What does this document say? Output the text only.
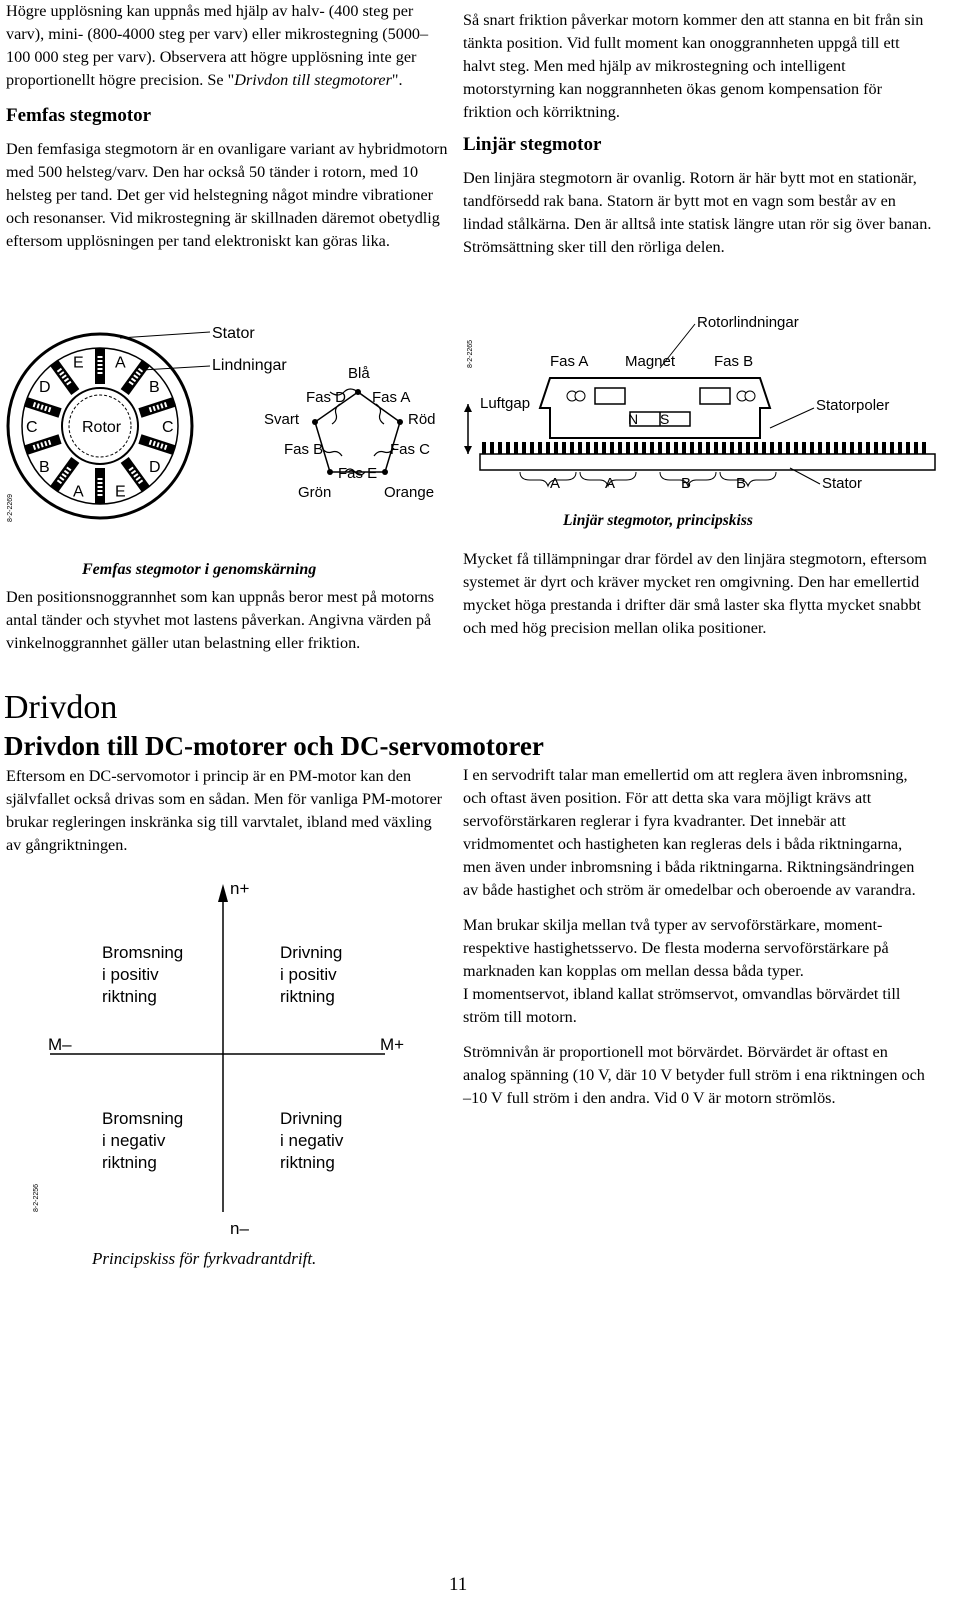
Högre upplösning kan uppnås med hjälp av halv- (400 steg per varv), mini- (800-4000 steg per varv) eller mikrostegning (5000–100 000 steg per varv). Observera att högre upplösning inte ger proportionellt högre precision. Se "Drivdon till stegmotorer".

Femfas stegmotor

Den femfasiga stegmotorn är en ovanligare variant av hybridmotorn med 500 helsteg/varv. Den har också 50 tänder i rotorn, med 10 helsteg per tand. Det ger vid helstegning något mindre vibrationer och resonanser. Vid mikrostegning är skillnaden däremot obetydlig eftersom upplösningen per tand elektroniskt kan göras lika.

Rotor
A
B
C
D
E
A
B
C
D
E
Stator
Lindningar
8-2-2269
Blå
Fas D Fas A
Svart	Röd
Fas B	Fas C
Fas E
Grön	Orange
Femfas stegmotor i genomskärning

Den positionsnoggrannhet som kan uppnås beror mest på motorns antal tänder och styvhet mot lastens påverkan. Angivna värden på vinkelnoggrannhet gäller utan belastning eller friktion.

Så snart friktion påverkar motorn kommer den att stanna en bit från sin tänkta position. Vid fullt moment kan onoggrannheten uppgå till ett halvt steg. Men med hjälp av mikrostegning och intelligent motorstyrning kan noggrannheten ökas genom kompensation för friktion och körriktning.

Linjär stegmotor

Den linjära stegmotorn är ovanlig. Rotorn är här bytt mot en stationär, tandförsedd rak bana. Statorn är bytt mot en vagn som består av en lindad stålkärna. Den är alltså inte statisk längre utan rör sig över banan. Strömsättning sker till den rörliga delen.

Rotorlindningar
Fas A Magnet	Fas B
8-2-2265
N S
Luftgap	Statorpoler
A	A	B	B	Stator
Linjär stegmotor, principskiss

Mycket få tillämpningar drar fördel av den linjära stegmotorn, eftersom systemet är dyrt och kräver mycket ren omgivning. Den har emellertid mycket höga prestanda i drifter där små laster ska flytta mycket snabbt och med hög precision mellan olika positioner.

Drivdon
Drivdon till DC-motorer och DC-servomotorer

Eftersom en DC-servomotor i princip är en PM-motor kan den självfallet också drivas som en sådan. Men för vanliga PM-motorer brukar regleringen inskränka sig till varvtalet, ibland med växling av gångriktningen.

n+
n–
M–	M+
Bromsning
i positiv
riktning
Drivning
i positiv
riktning
Bromsning
i negativ
riktning
Drivning
i negativ
riktning
8-2-2256
Principskiss för fyrkvadrantdrift.

I en servodrift talar man emellertid om att reglera även inbromsning, och oftast även position. För att detta ska vara möjligt krävs att servoförstärkaren reglerar i fyra kvadranter. Det innebär att vridmomentet och hastigheten kan regleras dels i båda riktningarna, men även under inbromsning i båda riktningarna. Riktningsändringen av både hastighet och ström är omedelbar och oberoende av varandra.

Man brukar skilja mellan två typer av servoförstärkare, moment- respektive hastighetsservo. De flesta moderna servoförstärkare på marknaden kan kopplas om mellan dessa båda typer.

I momentservot, ibland kallat strömservot, omvandlas börvärdet till ström till motorn.

Strömnivån är proportionell mot börvärdet. Börvärdet är oftast en analog spänning (10 V, där 10 V betyder full ström i ena riktningen och –10 V full ström i den andra. Vid 0 V är motorn strömlös.

11
